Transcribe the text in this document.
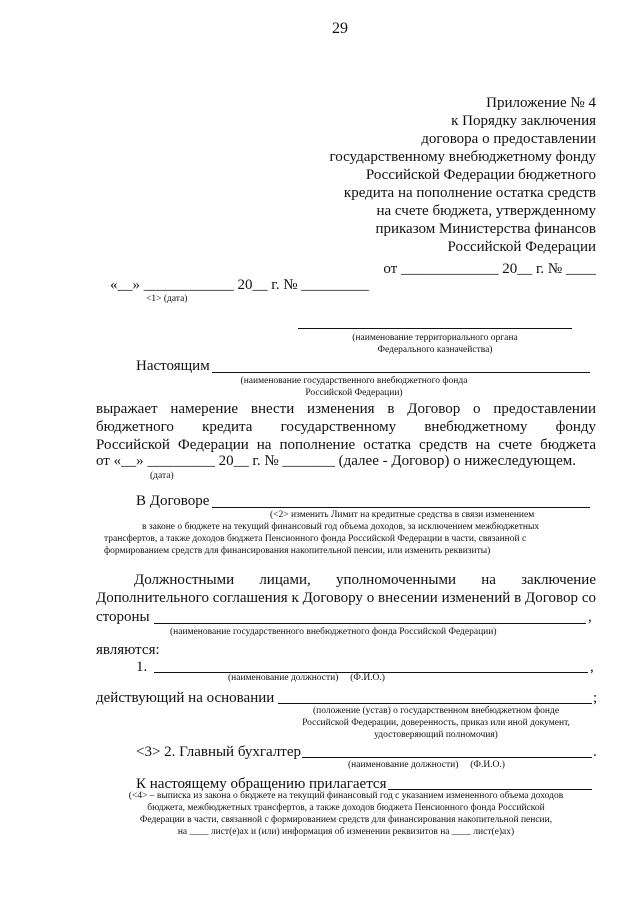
29
Приложение № 4
к Порядку заключения
договора о предоставлении
государственному внебюджетному фонду
Российской Федерации бюджетного
кредита на пополнение остатка средств
на счете бюджета, утвержденному
приказом Министерства финансов
Российской Федерации
от _____________ 20__ г. № ____
«__» ____________ 20__ г. № _________
<1> (дата)
(наименование территориального органа
Федерального казначейства)
Настоящим
(наименование государственного внебюджетного фонда
Российской Федерации)
выражает намерение внести изменения в Договор о предоставлении
бюджетного кредита государственному внебюджетному фонду
Российской Федерации на пополнение остатка средств на счете бюджета
от «__» _________ 20__ г. № _______ (далее - Договор) о нижеследующем.
(дата)
В Договоре
(<2> изменить Лимит на кредитные средства в связи изменением
в законе о бюджете на текущий финансовый год объема доходов, за исключением межбюджетных
трансфертов, а также доходов бюджета Пенсионного фонда Российской Федерации в части, связанной с
формированием средств для финансирования накопительной пенсии, или изменить реквизиты)
Должностными лицами, уполномоченными на заключение
Дополнительного соглашения к Договору о внесении изменений в Договор со
стороны	,
(наименование государственного внебюджетного фонда Российской Федерации)
являются:
1.	,
(наименование должности)     (Ф.И.О.)
действующий на основании	;
(положение (устав) о государственном внебюджетном фонде
Российской Федерации, доверенность, приказ или иной документ,
удостоверяющий полномочия)
<3> 2. Главный бухгалтер	.
(наименование должности)     (Ф.И.О.)
К настоящему обращению прилагается
(<4> – выписка из закона о бюджете на текущий финансовый год с указанием измененного объема доходов
бюджета, межбюджетных трансфертов, а также доходов бюджета Пенсионного фонда Российской
Федерации в части, связанной с формированием средств для финансирования накопительной пенсии,
на ____ лист(е)ах и (или) информация об изменении реквизитов на ____ лист(е)ах)
